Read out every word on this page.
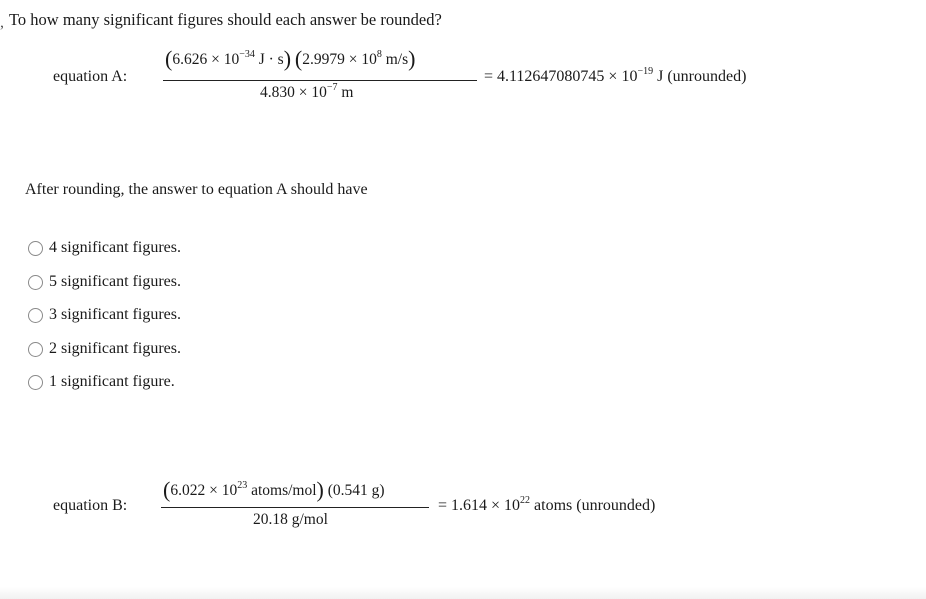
, To how many significant figures should each answer be rounded?
equation A:
($6.626 \times 10^{-34}$ J · s) ($2.9979 \times 10^8$ m/s)
$4.830 \times 10^{-7}$ m
= $4.112647080745 \times 10^{-19}$ J (unrounded)
After rounding, the answer to equation A should have
4 significant figures.
5 significant figures.
3 significant figures.
2 significant figures.
1 significant figure.
equation B:
($6.022 \times 10^{23}$ atoms/mol) (0.541 g)
20.18 g/mol
= $1.614 \times 10^{22}$ atoms (unrounded)
